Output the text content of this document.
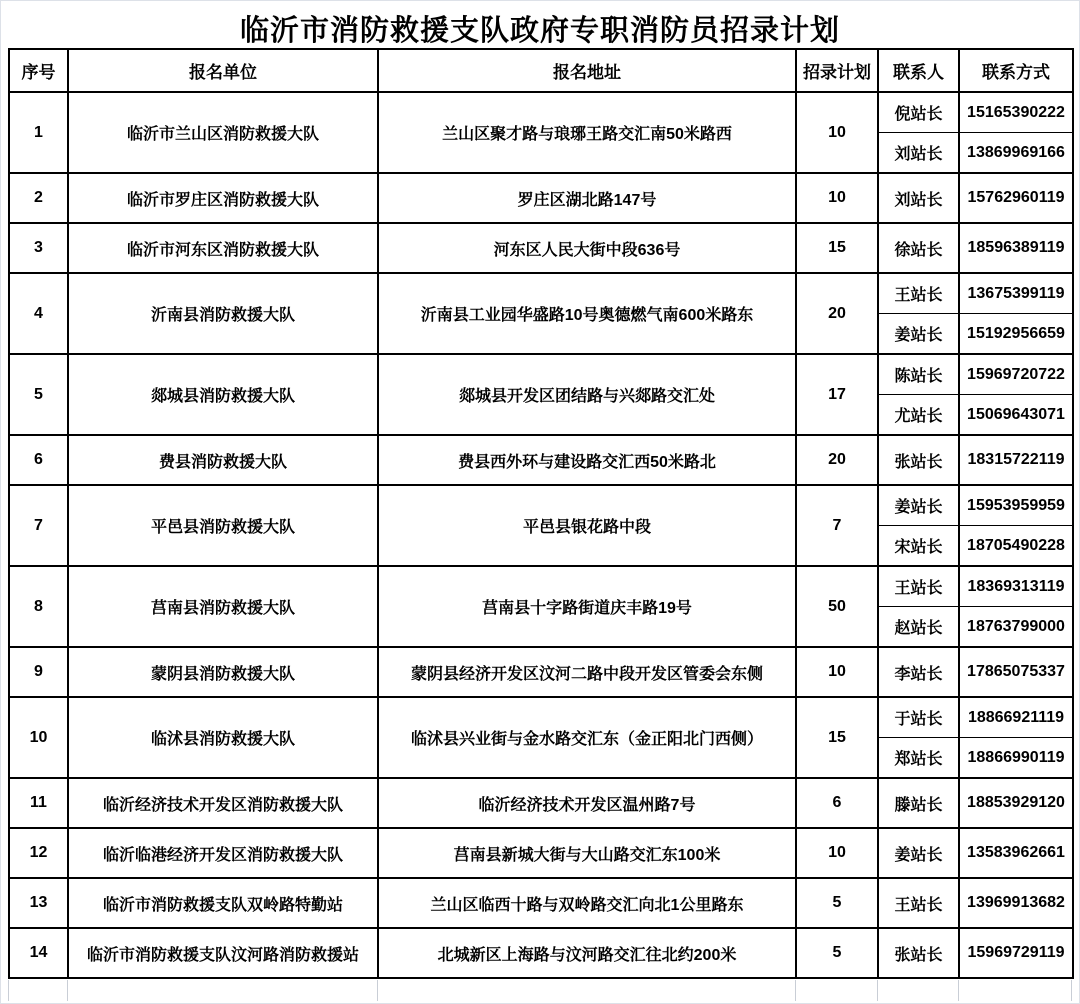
临沂市消防救援支队政府专职消防员招录计划
序号	报名单位	报名地址	招录计划	联系人	联系方式
1	临沂市兰山区消防救援大队	兰山区聚才路与琅琊王路交汇南50米路西	10	倪站长	15165390222
				刘站长	13869969166
2	临沂市罗庄区消防救援大队	罗庄区湖北路147号	10	刘站长	15762960119
3	临沂市河东区消防救援大队	河东区人民大街中段636号	15	徐站长	18596389119
4	沂南县消防救援大队	沂南县工业园华盛路10号奥德燃气南600米路东	20	王站长	13675399119
				姜站长	15192956659
5	郯城县消防救援大队	郯城县开发区团结路与兴郯路交汇处	17	陈站长	15969720722
				尤站长	15069643071
6	费县消防救援大队	费县西外环与建设路交汇西50米路北	20	张站长	18315722119
7	平邑县消防救援大队	平邑县银花路中段	7	姜站长	15953959959
				宋站长	18705490228
8	莒南县消防救援大队	莒南县十字路街道庆丰路19号	50	王站长	18369313119
				赵站长	18763799000
9	蒙阴县消防救援大队	蒙阴县经济开发区汶河二路中段开发区管委会东侧	10	李站长	17865075337
10	临沭县消防救援大队	临沭县兴业街与金水路交汇东（金正阳北门西侧）	15	于站长	18866921119
				郑站长	18866990119
11	临沂经济技术开发区消防救援大队	临沂经济技术开发区温州路7号	6	滕站长	18853929120
12	临沂临港经济开发区消防救援大队	莒南县新城大街与大山路交汇东100米	10	姜站长	13583962661
13	临沂市消防救援支队双岭路特勤站	兰山区临西十路与双岭路交汇向北1公里路东	5	王站长	13969913682
14	临沂市消防救援支队汶河路消防救援站	北城新区上海路与汶河路交汇往北约200米	5	张站长	15969729119
